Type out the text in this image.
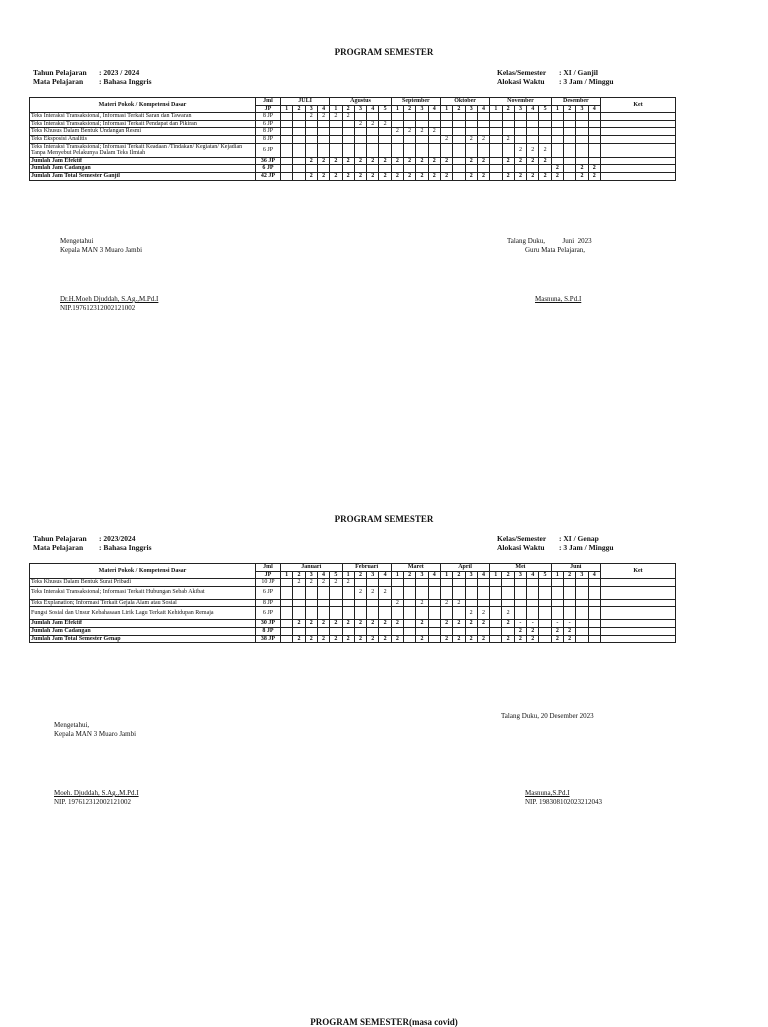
PROGRAM SEMESTER
Tahun Pelajaran : 2023 / 2024
Mata Pelajaran : Bahasa Inggris
Kelas/Semester : XI / Ganjil
Alokasi Waktu : 3 Jam / Minggu
Materi Pokok / Kompetensi Dasar	Jml	JULI				Agustus					September				Oktober				November					Desember				Ket
	JP	1	2	3	4	1	2	3	4	5	1	2	3	4	1	2	3	4	1	2	3	4	5	1	2	3	4	
Teks Interaksi Transaksional, Informasi Terkait Saran dan Tawaran	8 JP			2	2	2	2																					
Teks Interaksi Transaksional; Informasi Terkait Pendapat dan Pikiran	6 JP							2	2	2																		
Teks Khusus Dalam Bentuk Undangan Resmi	8 JP										2	2	2	2														
Teks Eksposisi Analitis	8 JP														2		2	2		2								
Teks Interaksi Transaksional; Informasi Terkait Keadaan /Tindakan/ Kegiatan/ Kejadian Tanpa Menyebut Pelakunya Dalam Teks Ilmiah	6 JP																				2	2	2					
Jumlah Jam Efektif	36 JP			2	2	2	2	2	2	2	2	2	2	2	2		2	2		2	2	2	2					
Jumlah Jam Cadangan	6 JP																							2		2	2	
Jumlah Jam Total Semester Ganjil	42 JP			2	2	2	2	2	2	2	2	2	2	2	2		2	2		2	2	2	2	2		2	2	
Mengetahui
Kepala MAN 3 Muaro Jambi
Talang Duku,          Juni  2023
Guru Mata Pelajaran,
Dr.H.Moeh Djuddah, S.Ag.,M.Pd.I
NIP.197612312002121002
Masnuna, S.Pd.I
PROGRAM SEMESTER
Tahun Pelajaran : 2023/2024
Mata Pelajaran : Bahasa Inggris
Kelas/Semester : XI / Genap
Alokasi Waktu : 3 Jam / Minggu
Materi Pokok / Kompetensi Dasar	Jml	Januari					Februari				Maret				April				Mei					Juni				Ket
	JP	1	2	3	4	5	1	2	3	4	1	2	3	4	1	2	3	4	1	2	3	4	5	1	2	3	4	
Teks Khusus Dalam Bentuk Surat Pribadi	10 JP		2	2	2	2	2																					
Teks Interaksi Transaksional; Informasi Terkait Hubungan Sebab Akibat	6 JP							2	2	2																		
Teks Explanation; Informasi Terkait Gejala Alam atau Sosial	8 JP										2		2		2	2												
Fungsi Sosial dan Unsur Kebahasaan Lirik Lagu Terkait Kehidupan Remaja	6 JP																2	2		2								
Jumlah Jam Efektif	30 JP		2	2	2	2	2	2	2	2	2		2		2	2	2	2		2	-	-		-	-			
Jumlah Jam Cadangan	8 JP																				2	2		2	2			
Jumlah Jam Total Semester Genap	38 JP		2	2	2	2	2	2	2	2	2		2		2	2	2	2		2	2	2		2	2			
Talang Duku, 20 Desember 2023
Mengetahui,
Kepala MAN 3 Muaro Jambi
Moeh. Djuddah, S.Ag.,M.Pd.I
NIP. 197612312002121002
Masnuna,S.Pd.I
NIP. 198308102023212043
PROGRAM SEMESTER(masa covid)
